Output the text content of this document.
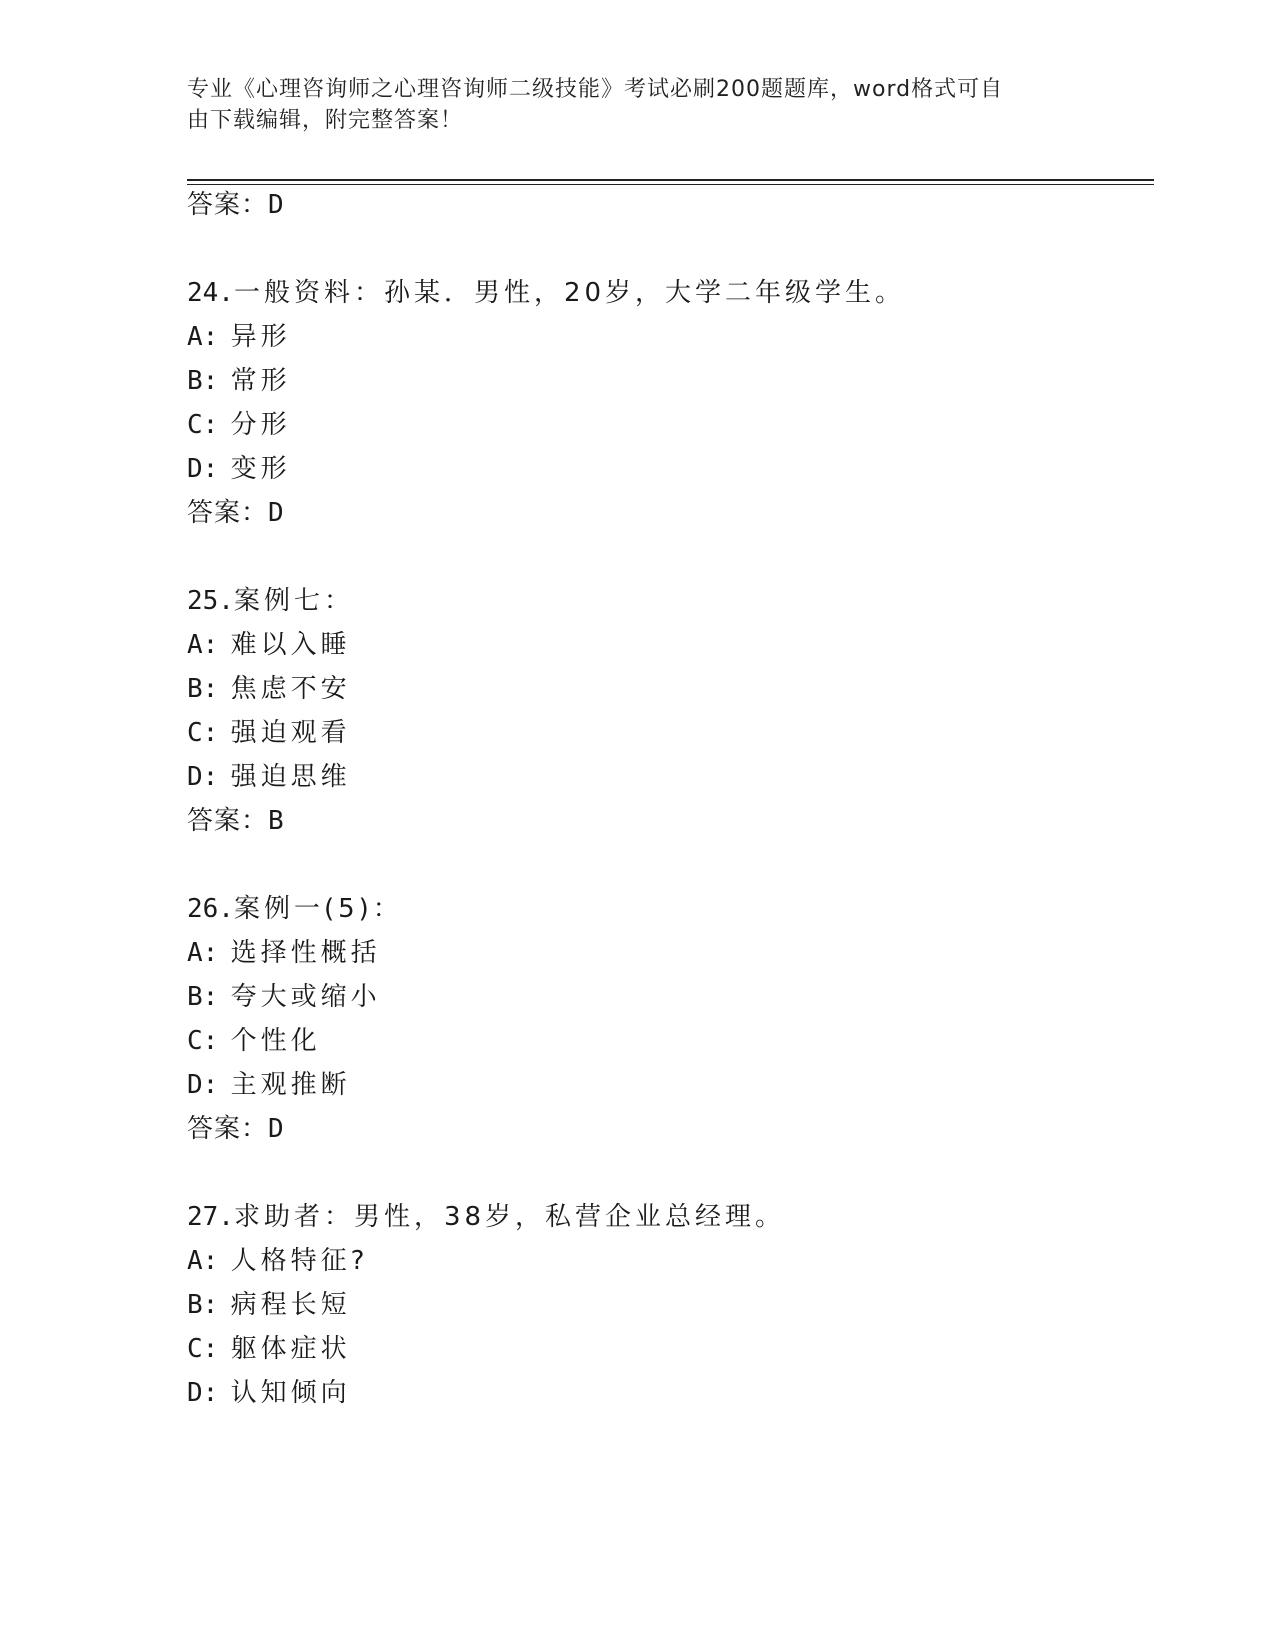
专业《心理咨询师之心理咨询师二级技能》考试必刷200题题库，word格式可自
由下载编辑，附完整答案！
答案：D
24.一般资料：孙某．男性，20岁，大学二年级学生。
A: 异形
B: 常形
C: 分形
D: 变形
答案：D
25.案例七：
A: 难以入睡
B: 焦虑不安
C: 强迫观看
D: 强迫思维
答案：B
26.案例一(5)：
A: 选择性概括
B: 夸大或缩小
C: 个性化
D: 主观推断
答案：D
27.求助者：男性，38岁，私营企业总经理。
A: 人格特征?
B: 病程长短
C: 躯体症状
D: 认知倾向
